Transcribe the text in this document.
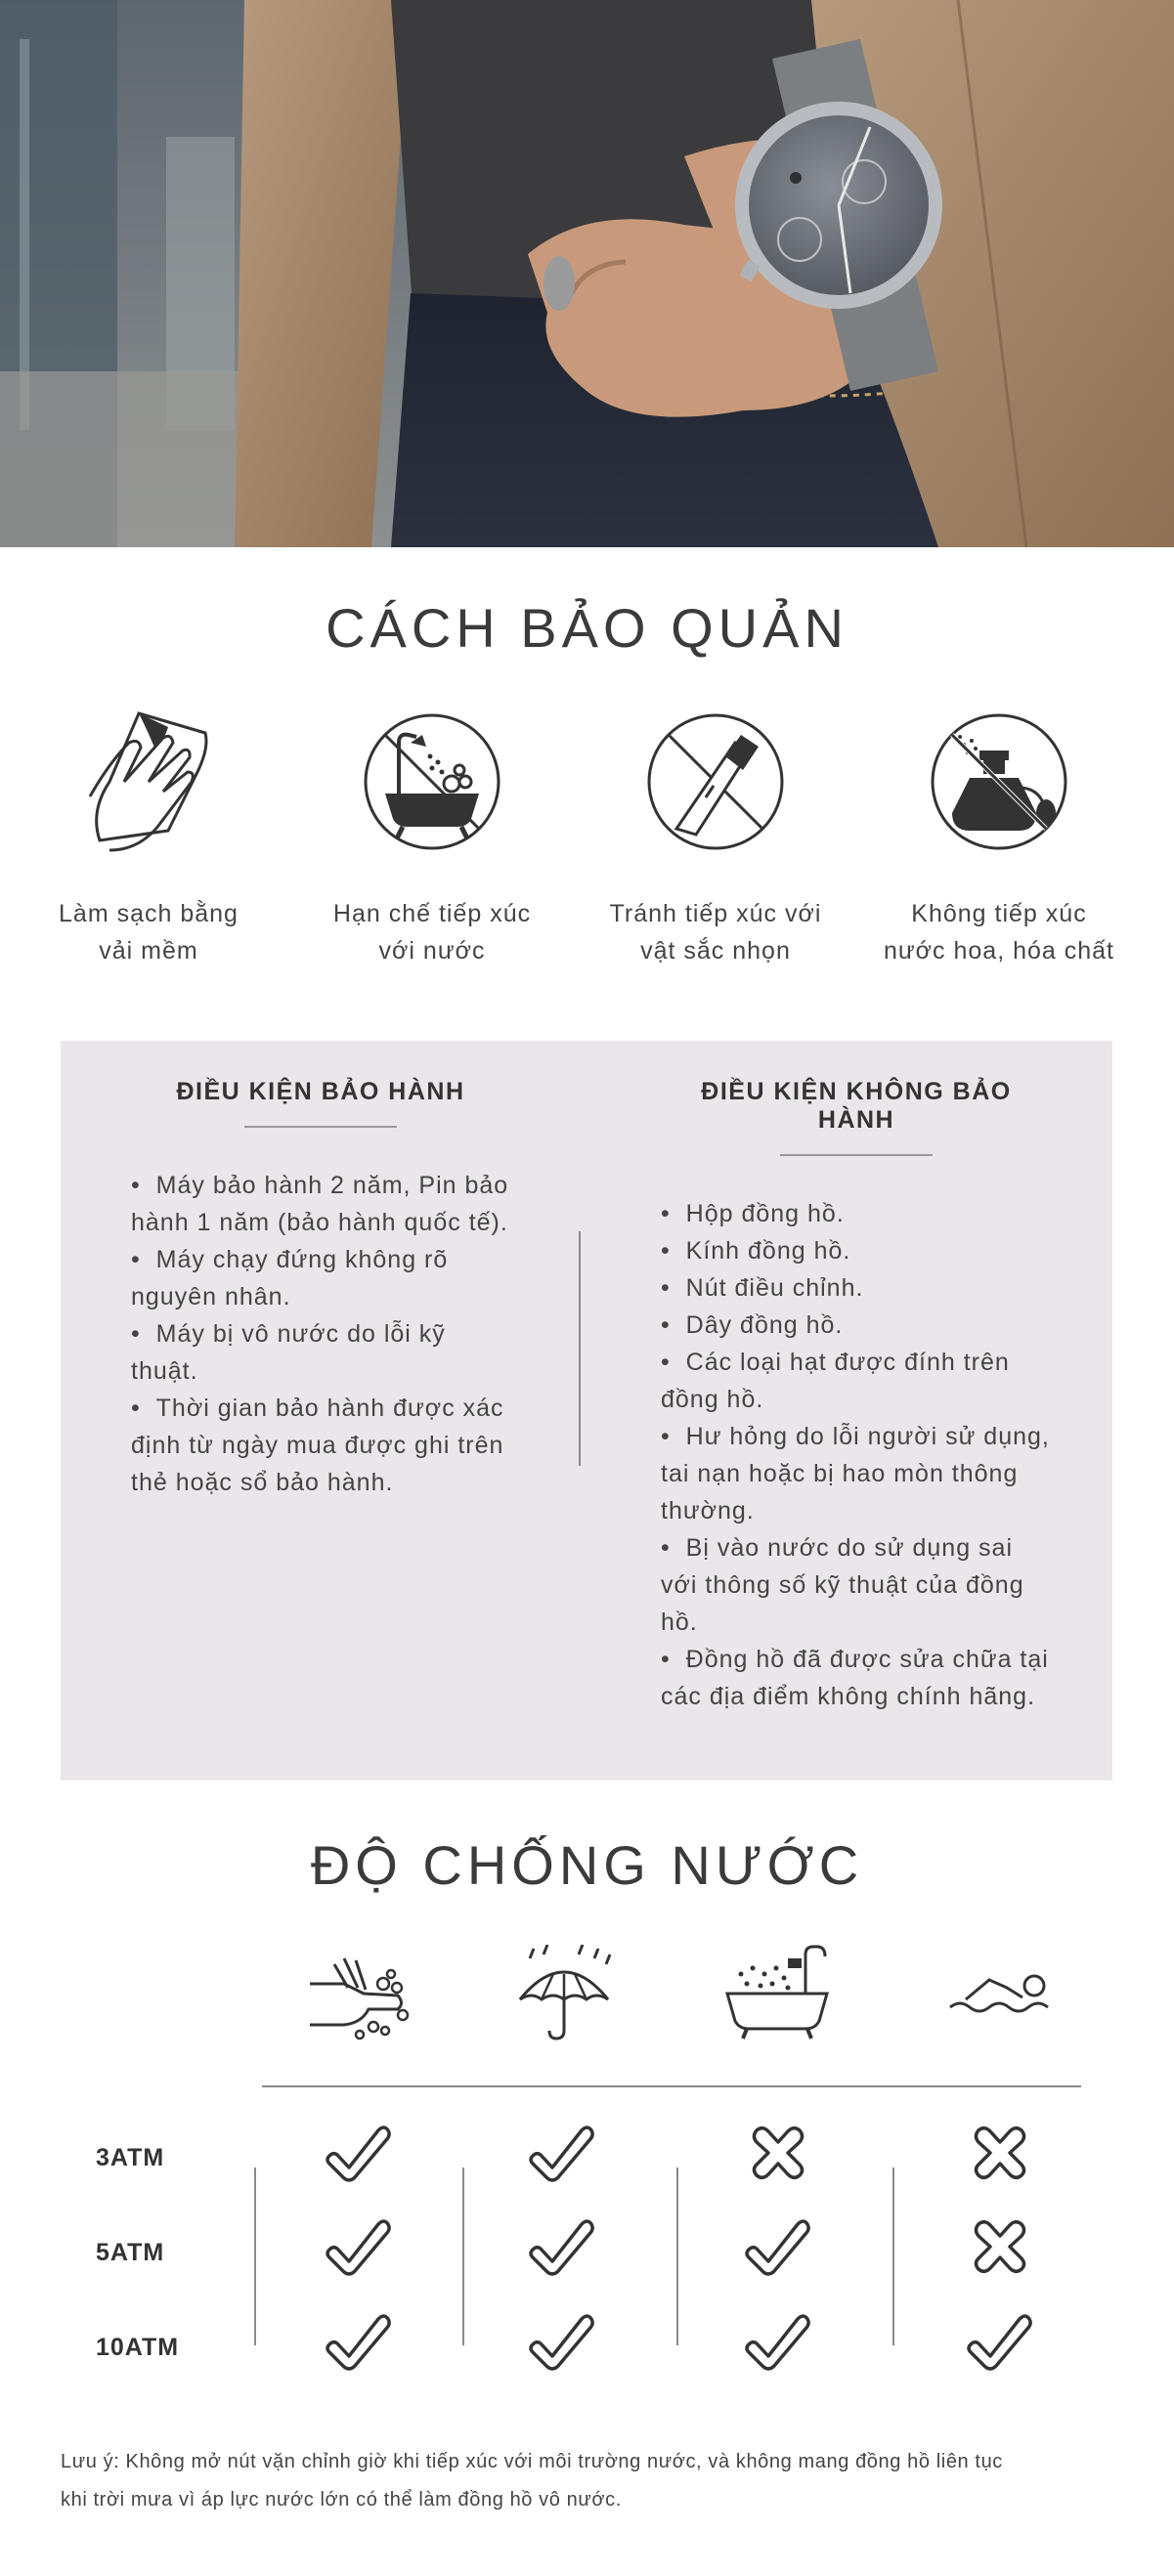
CÁCH BẢO QUẢN
Làm sạch bằng
vải mềm
Hạn chế tiếp xúc
với nước
Tránh tiếp xúc với
vật sắc nhọn
Không tiếp xúc
nước hoa, hóa chất
ĐIỀU KIỆN BẢO HÀNH
•  Máy bảo hành 2 năm, Pin bảo hành 1 năm (bảo hành quốc tế).
•  Máy chạy đứng không rõ nguyên nhân.
•  Máy bị vô nước do lỗi kỹ thuật.
•  Thời gian bảo hành được xác định từ ngày mua được ghi trên thẻ hoặc sổ bảo hành.
ĐIỀU KIỆN KHÔNG BẢO HÀNH
•  Hộp đồng hồ.
•  Kính đồng hồ.
•  Nút điều chỉnh.
•  Dây đồng hồ.
•  Các loại hạt được đính trên đồng hồ.
•  Hư hỏng do lỗi người sử dụng, tai nạn hoặc bị hao mòn thông thường.
•  Bị vào nước do sử dụng sai với thông số kỹ thuật của đồng hồ.
•  Đồng hồ đã được sửa chữa tại các địa điểm không chính hãng.
ĐỘ CHỐNG NƯỚC
3ATM
5ATM
10ATM
Lưu ý: Không mở nút vặn chỉnh giờ khi tiếp xúc với môi trường nước, và không mang đồng hồ liên tục
khi trời mưa vì áp lực nước lớn có thể làm đồng hồ vô nước.
